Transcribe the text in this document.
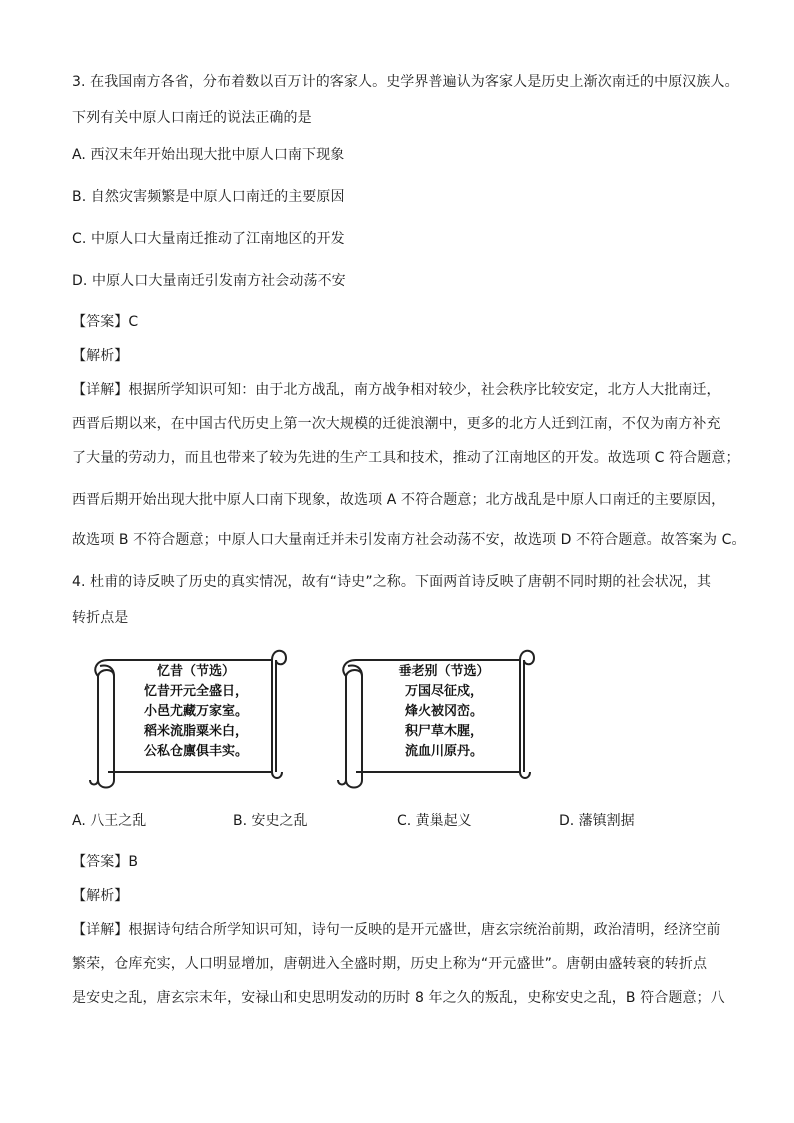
3. 在我国南方各省，分布着数以百万计的客家人。史学界普遍认为客家人是历史上渐次南迁的中原汉族人。
下列有关中原人口南迁的说法正确的是
A. 西汉末年开始出现大批中原人口南下现象
B. 自然灾害频繁是中原人口南迁的主要原因
C. 中原人口大量南迁推动了江南地区的开发
D. 中原人口大量南迁引发南方社会动荡不安
【答案】C
【解析】
【详解】根据所学知识可知：由于北方战乱，南方战争相对较少，社会秩序比较安定，北方人大批南迁，
西晋后期以来，在中国古代历史上第一次大规模的迁徙浪潮中，更多的北方人迁到江南，不仅为南方补充
了大量的劳动力，而且也带来了较为先进的生产工具和技术，推动了江南地区的开发。故选项 C 符合题意；
西晋后期开始出现大批中原人口南下现象，故选项 A 不符合题意；北方战乱是中原人口南迁的主要原因，
故选项 B 不符合题意；中原人口大量南迁并未引发南方社会动荡不安，故选项 D 不符合题意。故答案为 C。
4. 杜甫的诗反映了历史的真实情况，故有“诗史”之称。下面两首诗反映了唐朝不同时期的社会状况，其
转折点是
忆昔（节选）
忆昔开元全盛日，
小邑尤藏万家室。
稻米流脂粟米白，
公私仓廪俱丰实。
垂老别（节选）
万国尽征戍，
烽火被冈峦。
积尸草木腥，
流血川原丹。
A. 八王之乱	B. 安史之乱	C. 黄巢起义	D. 藩镇割据
【答案】B
【解析】
【详解】根据诗句结合所学知识可知，诗句一反映的是开元盛世，唐玄宗统治前期，政治清明，经济空前
繁荣，仓库充实，人口明显增加，唐朝进入全盛时期，历史上称为“开元盛世”。唐朝由盛转衰的转折点
是安史之乱，唐玄宗末年，安禄山和史思明发动的历时 8 年之久的叛乱，史称安史之乱，B 符合题意；八
